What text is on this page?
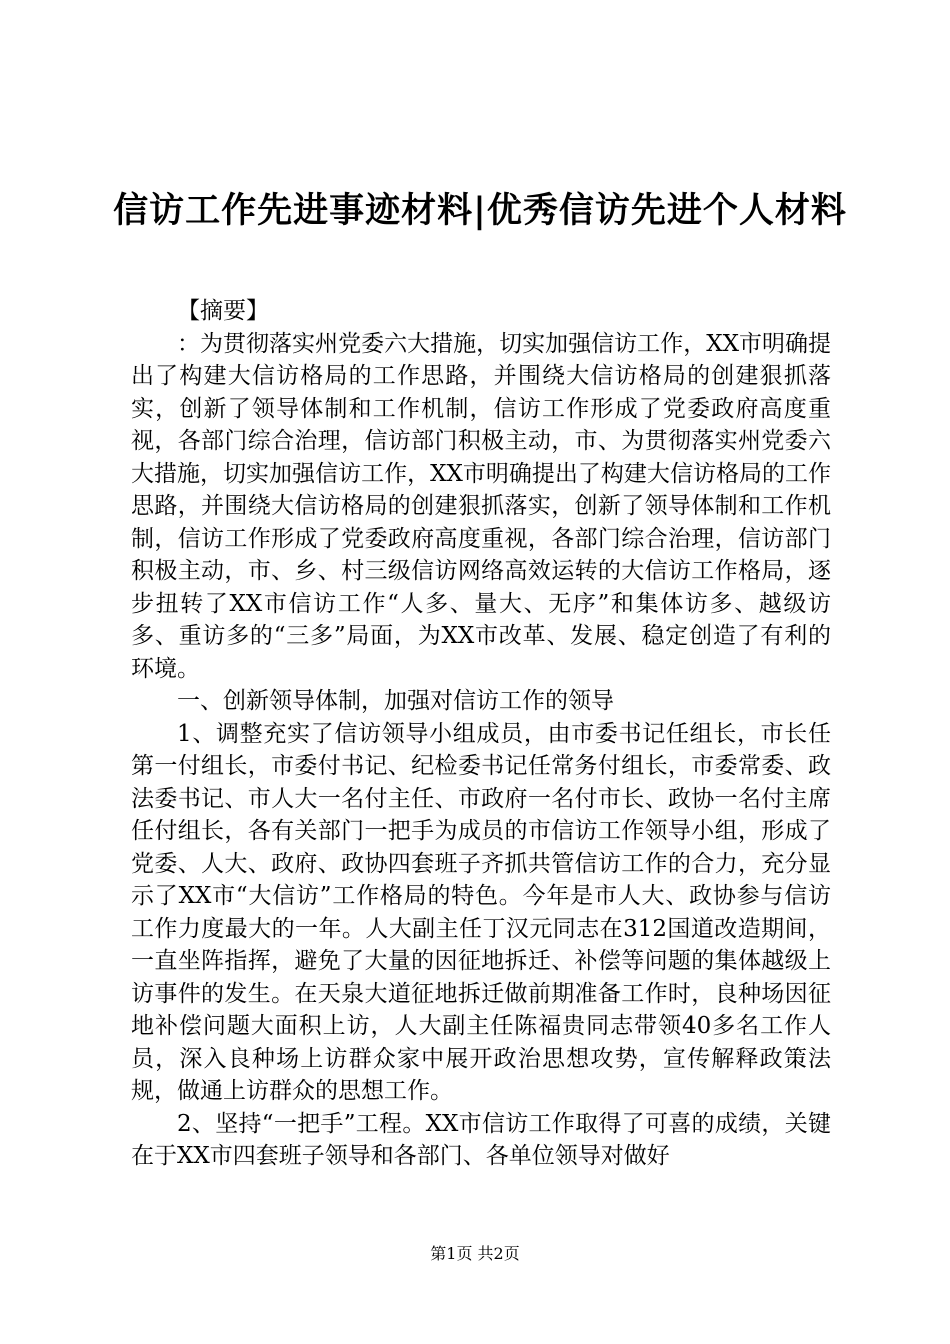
信访工作先进事迹材料|优秀信访先进个人材料

【摘要】

：为贯彻落实州党委六大措施，切实加强信访工作，XX市明确提出了构建大信访格局的工作思路，并围绕大信访格局的创建狠抓落实，创新了领导体制和工作机制，信访工作形成了党委政府高度重视，各部门综合治理，信访部门积极主动，市、为贯彻落实州党委六大措施，切实加强信访工作，XX市明确提出了构建大信访格局的工作思路，并围绕大信访格局的创建狠抓落实，创新了领导体制和工作机制，信访工作形成了党委政府高度重视，各部门综合治理，信访部门积极主动，市、乡、村三级信访网络高效运转的大信访工作格局，逐步扭转了XX市信访工作“人多、量大、无序”和集体访多、越级访多、重访多的“三多”局面，为XX市改革、发展、稳定创造了有利的环境。

一、创新领导体制，加强对信访工作的领导

1、调整充实了信访领导小组成员，由市委书记任组长，市长任第一付组长，市委付书记、纪检委书记任常务付组长，市委常委、政法委书记、市人大一名付主任、市政府一名付市长、政协一名付主席任付组长，各有关部门一把手为成员的市信访工作领导小组，形成了党委、人大、政府、政协四套班子齐抓共管信访工作的合力，充分显示了XX市“大信访”工作格局的特色。今年是市人大、政协参与信访工作力度最大的一年。人大副主任丁汉元同志在312国道改造期间，一直坐阵指挥，避免了大量的因征地拆迁、补偿等问题的集体越级上访事件的发生。在天泉大道征地拆迁做前期准备工作时，良种场因征地补偿问题大面积上访，人大副主任陈福贵同志带领40多名工作人员，深入良种场上访群众家中展开政治思想攻势，宣传解释政策法规，做通上访群众的思想工作。

2、坚持“一把手”工程。XX市信访工作取得了可喜的成绩，关键在于XX市四套班子领导和各部门、各单位领导对做好

第1页 共2页
